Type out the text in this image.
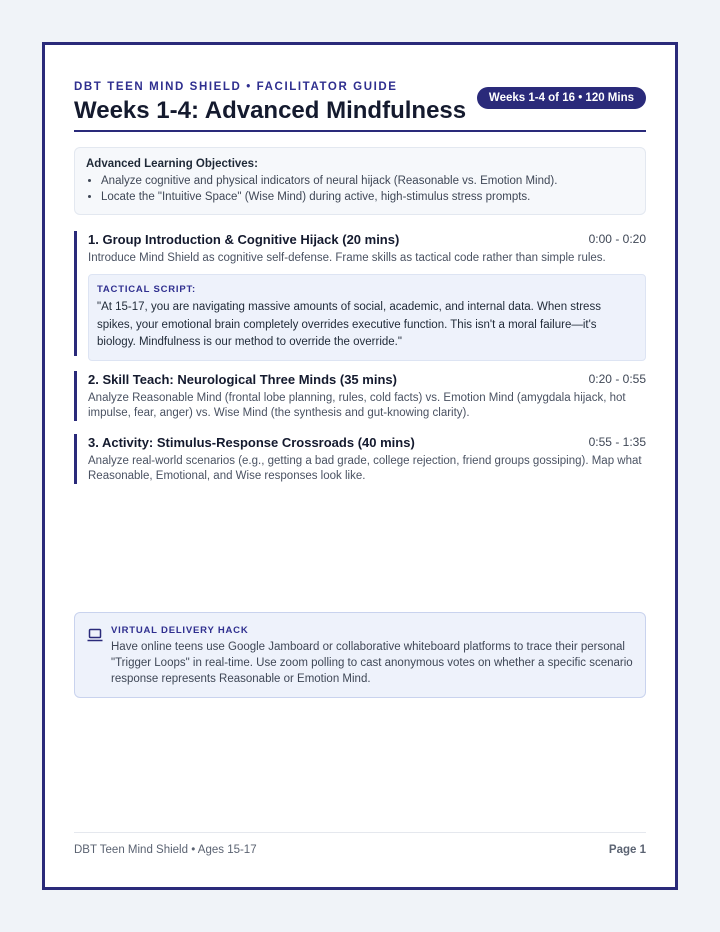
DBT TEEN MIND SHIELD • FACILITATOR GUIDE
Weeks 1-4: Advanced Mindfulness	Weeks 1-4 of 16 • 120 Mins
Advanced Learning Objectives:
• Analyze cognitive and physical indicators of neural hijack (Reasonable vs. Emotion Mind).
• Locate the "Intuitive Space" (Wise Mind) during active, high-stimulus stress prompts.
1. Group Introduction & Cognitive Hijack (20 mins)	0:00 - 0:20
Introduce Mind Shield as cognitive self-defense. Frame skills as tactical code rather than simple rules.
TACTICAL SCRIPT:
"At 15-17, you are navigating massive amounts of social, academic, and internal data. When stress spikes, your emotional brain completely overrides executive function. This isn't a moral failure—it's biology. Mindfulness is our method to override the override."
2. Skill Teach: Neurological Three Minds (35 mins)	0:20 - 0:55
Analyze Reasonable Mind (frontal lobe planning, rules, cold facts) vs. Emotion Mind (amygdala hijack, hot impulse, fear, anger) vs. Wise Mind (the synthesis and gut-knowing clarity).
3. Activity: Stimulus-Response Crossroads (40 mins)	0:55 - 1:35
Analyze real-world scenarios (e.g., getting a bad grade, college rejection, friend groups gossiping). Map what Reasonable, Emotional, and Wise responses look like.
VIRTUAL DELIVERY HACK
Have online teens use Google Jamboard or collaborative whiteboard platforms to trace their personal "Trigger Loops" in real-time. Use zoom polling to cast anonymous votes on whether a specific scenario response represents Reasonable or Emotion Mind.
DBT Teen Mind Shield • Ages 15-17	Page 1
